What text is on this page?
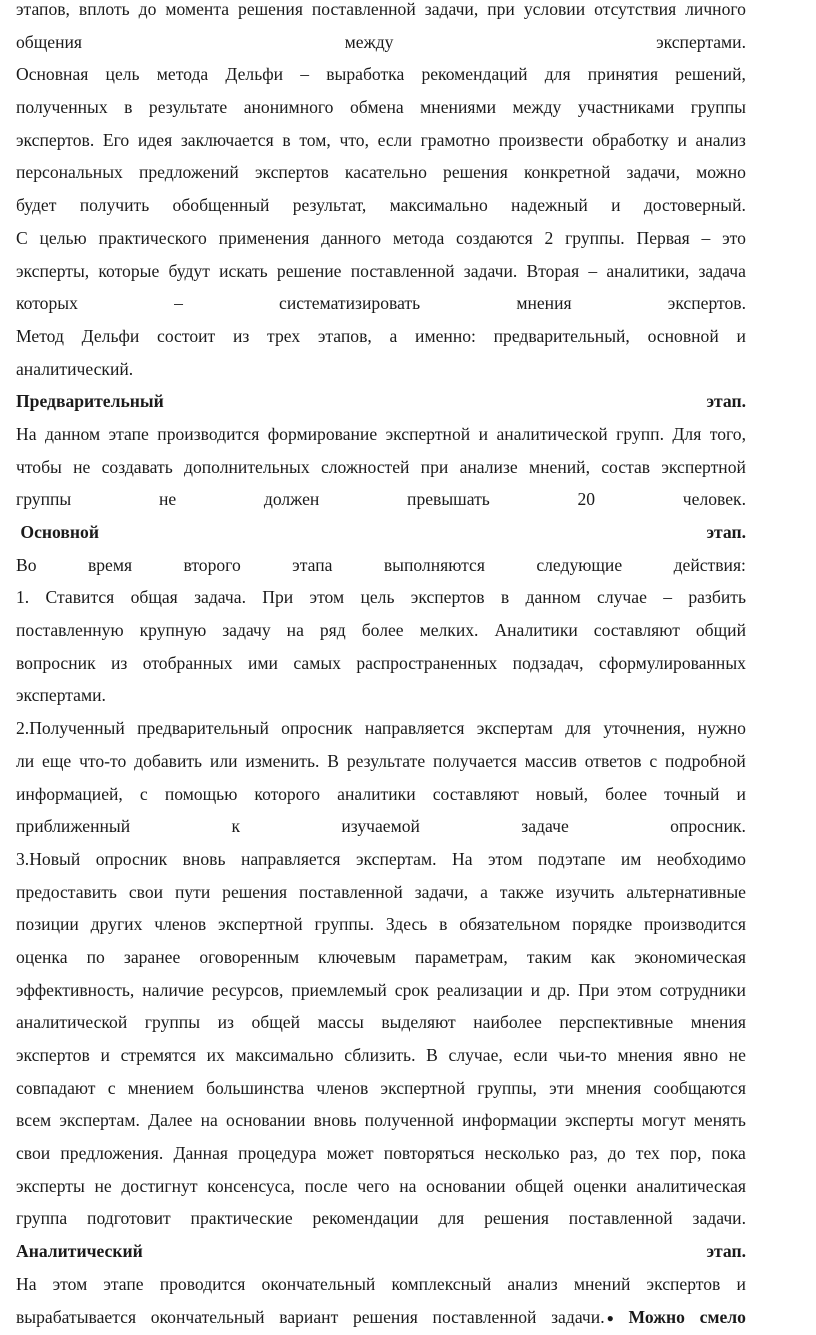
этапов, вплоть до момента решения поставленной задачи, при условии отсутствия личного
общения	между	экспертами.
Основная цель метода Дельфи – выработка рекомендаций для принятия решений,
полученных в результате анонимного обмена мнениями между участниками группы
экспертов. Его идея заключается в том, что, если грамотно произвести обработку и анализ
персональных предложений экспертов касательно решения конкретной задачи, можно
будет получить обобщенный результат, максимально надежный и достоверный.
С целью практического применения данного метода создаются 2 группы. Первая – это
эксперты, которые будут искать решение поставленной задачи. Вторая – аналитики, задача
которых	–	систематизировать	мнения	экспертов.
Метод Дельфи состоит из трех этапов, а именно: предварительный, основной и
аналитический.
Предварительный	этап.
На данном этапе производится формирование экспертной и аналитической групп. Для того,
чтобы не создавать дополнительных сложностей при анализе мнений, состав экспертной
группы	не	должен	превышать	20	человек.
Основной	этап.
Во	время	второго	этапа	выполняются	следующие	действия:
1. Ставится общая задача. При этом цель экспертов в данном случае – разбить
поставленную крупную задачу на ряд более мелких. Аналитики составляют общий
вопросник из отобранных ими самых распространенных подзадач, сформулированных
экспертами.
2.Полученный предварительный опросник направляется экспертам для уточнения, нужно
ли еще что-то добавить или изменить. В результате получается массив ответов с подробной
информацией, с помощью которого аналитики составляют новый, более точный и
приближенный	к	изучаемой	задаче	опросник.
3.Новый опросник вновь направляется экспертам. На этом подэтапе им необходимо
предоставить свои пути решения поставленной задачи, а также изучить альтернативные
позиции других членов экспертной группы. Здесь в обязательном порядке производится
оценка по заранее оговоренным ключевым параметрам, таким как экономическая
эффективность, наличие ресурсов, приемлемый срок реализации и др. При этом сотрудники
аналитической группы из общей массы выделяют наиболее перспективные мнения
экспертов и стремятся их максимально сблизить. В случае, если чьи-то мнения явно не
совпадают с мнением большинства членов экспертной группы, эти мнения сообщаются
всем экспертам. Далее на основании вновь полученной информации эксперты могут менять
свои предложения. Данная процедура может повторяться несколько раз, до тех пор, пока
эксперты не достигнут консенсуса, после чего на основании общей оценки аналитическая
группа подготовит практические рекомендации для решения поставленной задачи.
Аналитический	этап.
На этом этапе проводится окончательный комплексный анализ мнений экспертов и
вырабатывается окончательный вариант решения поставленной задачи. ● Можно смело
